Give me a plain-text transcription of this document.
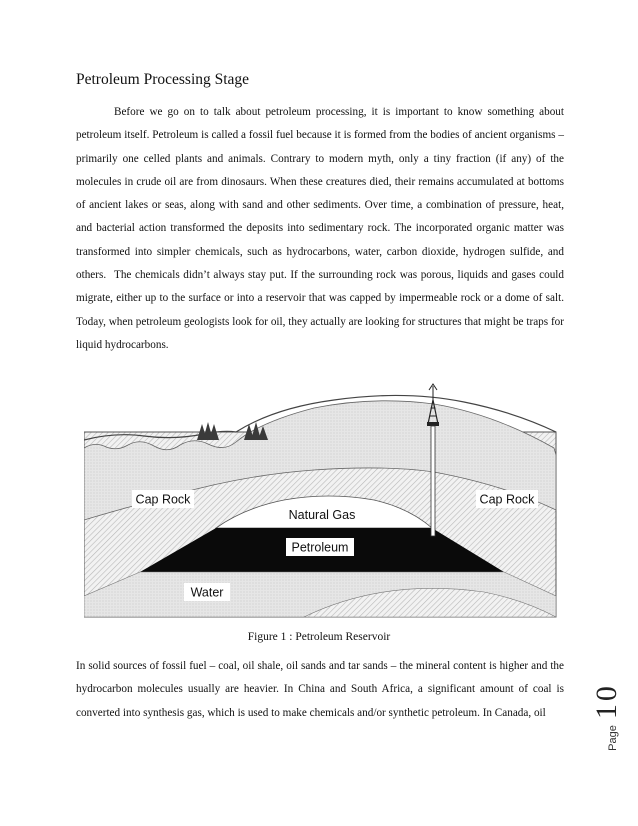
Petroleum Processing Stage

Before we go on to talk about petroleum processing, it is important to know something about petroleum itself. Petroleum is called a fossil fuel because it is formed from the bodies of ancient organisms – primarily one celled plants and animals. Contrary to modern myth, only a tiny fraction (if any) of the molecules in crude oil are from dinosaurs. When these creatures died, their remains accumulated at bottoms of ancient lakes or seas, along with sand and other sediments. Over time, a combination of pressure, heat, and bacterial action transformed the deposits into sedimentary rock. The incorporated organic matter was transformed into simpler chemicals, such as hydrocarbons, water, carbon dioxide, hydrogen sulfide, and others. The chemicals didn’t always stay put. If the surrounding rock was porous, liquids and gases could migrate, either up to the surface or into a reservoir that was capped by impermeable rock or a dome of salt. Today, when petroleum geologists look for oil, they actually are looking for structures that might be traps for liquid hydrocarbons.

Cap Rock	Cap Rock
Natural Gas
Petroleum
Water
Figure 1 : Petroleum Reservoir

In solid sources of fossil fuel – coal, oil shale, oil sands and tar sands – the mineral content is higher and the hydrocarbon molecules usually are heavier. In China and South Africa, a significant amount of coal is converted into synthesis gas, which is used to make chemicals and/or synthetic petroleum. In Canada, oil

Page
10
